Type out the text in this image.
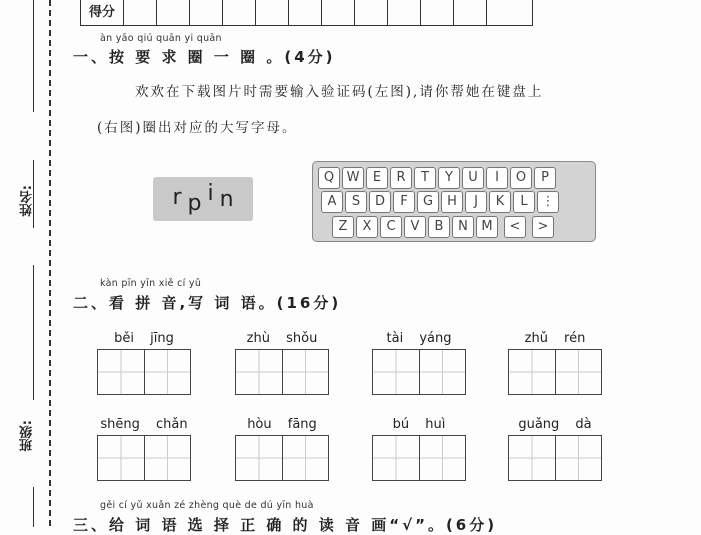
姓名:
班级:
得分												
àn yāo qiú quān yi quān
一、按 要 求 圈 一 圈 。(4分)
欢欢在下载图片时需要输入验证码(左图),请你帮她在键盘上
(右图)圈出对应的大写字母。
r p i n
Q W	E	R	T	Y	U	I	O	P
A	S	D	F	G	H	J	K	L	⋮
Z	X	C	V	B	N	M	<	>
kàn pīn yīn xiě cí yǔ
二、看 拼 音,写 词 语。(16分)
běi jīng	zhù shǒu	tài yáng	zhǔ rén
shēng chǎn	hòu fāng	bú huì	guǎng dà
gěi cí yǔ xuǎn zé zhèng què de dú yīn huà
三、给 词 语 选 择 正 确 的 读 音 画“√”。(6分)
